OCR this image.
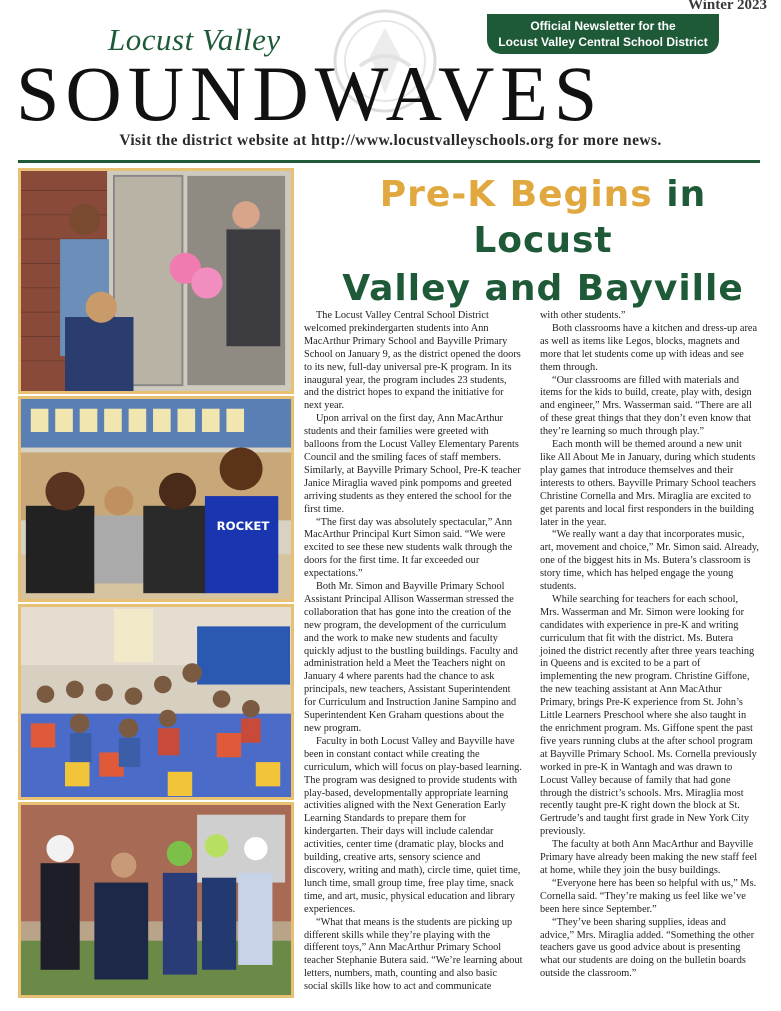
Winter 2023
Official Newsletter for the
Locust Valley Central School District
Locust Valley
SOUNDWAVES
Visit the district website at http://www.locustvalleyschools.org for more news.
ROCKET
Pre-K Begins in Locust
Valley and Bayville

The Locust Valley Central School District welcomed prekindergarten students into Ann MacArthur Primary School and Bayville Primary School on January 9, as the district opened the doors to its new, full-day universal pre-K program. In its inaugural year, the program includes 23 students, and the district hopes to expand the initiative for next year.

Upon arrival on the first day, Ann MacArthur students and their families were greeted with balloons from the Locust Valley Elementary Parents Council and the smiling faces of staff members. Similarly, at Bayville Primary School, Pre-K teacher Janice Miraglia waved pink pompoms and greeted arriving students as they entered the school for the first time.

“The first day was absolutely spectacular,” Ann MacArthur Principal Kurt Simon said. “We were excited to see these new students walk through the doors for the first time. It far exceeded our expectations.”

Both Mr. Simon and Bayville Primary School Assistant Principal Allison Wasserman stressed the collaboration that has gone into the creation of the new program, the development of the curriculum and the work to make new students and faculty quickly adjust to the bustling buildings. Faculty and administration held a Meet the Teachers night on January 4 where parents had the chance to ask principals, new teachers, Assistant Superintendent for Curriculum and Instruction Janine Sampino and Superintendent Ken Graham questions about the new program.

Faculty in both Locust Valley and Bayville have been in constant contact while creating the curriculum, which will focus on play-based learning. The program was designed to provide students with play-based, developmentally appropriate learning activities aligned with the Next Generation Early Learning Standards to prepare them for kindergarten. Their days will include calendar activities, center time (dramatic play, blocks and building, creative arts, sensory science and discovery, writing and math), circle time, quiet time, lunch time, small group time, free play time, snack time, and art, music, physical education and library experiences.

“What that means is the students are picking up different skills while they’re playing with the different toys,” Ann MacArthur Primary School teacher Stephanie Butera said. “We’re learning about letters, numbers, math, counting and also basic social skills like how to act and communicate

with other students.”

Both classrooms have a kitchen and dress-up area as well as items like Legos, blocks, magnets and more that let students come up with ideas and see them through.

“Our classrooms are filled with materials and items for the kids to build, create, play with, design and engineer,” Mrs. Wasserman said. “There are all of these great things that they don’t even know that they’re learning so much through play.”

Each month will be themed around a new unit like All About Me in January, during which students play games that introduce themselves and their interests to others. Bayville Primary School teachers Christine Cornella and Mrs. Miraglia are excited to get parents and local first responders in the building later in the year.

“We really want a day that incorporates music, art, movement and choice,” Mr. Simon said. Already, one of the biggest hits in Ms. Butera’s classroom is story time, which has helped engage the young students.

While searching for teachers for each school, Mrs. Wasserman and Mr. Simon were looking for candidates with experience in pre-K and writing curriculum that fit with the district. Ms. Butera joined the district recently after three years teaching in Queens and is excited to be a part of implementing the new program. Christine Giffone, the new teaching assistant at Ann MacAthur Primary, brings Pre-K experience from St. John’s Little Learners Preschool where she also taught in the enrichment program. Ms. Giffone spent the past five years running clubs at the after school program at Bayville Primary School. Ms. Cornella previously worked in pre-K in Wantagh and was drawn to Locust Valley because of family that had gone through the district’s schools. Mrs. Miraglia most recently taught pre-K right down the block at St. Gertrude’s and taught first grade in New York City previously.

The faculty at both Ann MacArthur and Bayville Primary have already been making the new staff feel at home, while they join the busy buildings.

“Everyone here has been so helpful with us,” Ms. Cornella said. “They’re making us feel like we’ve been here since September.”

“They’ve been sharing supplies, ideas and advice,” Mrs. Miraglia added. “Something the other teachers gave us good advice about is presenting what our students are doing on the bulletin boards outside the classroom.”
